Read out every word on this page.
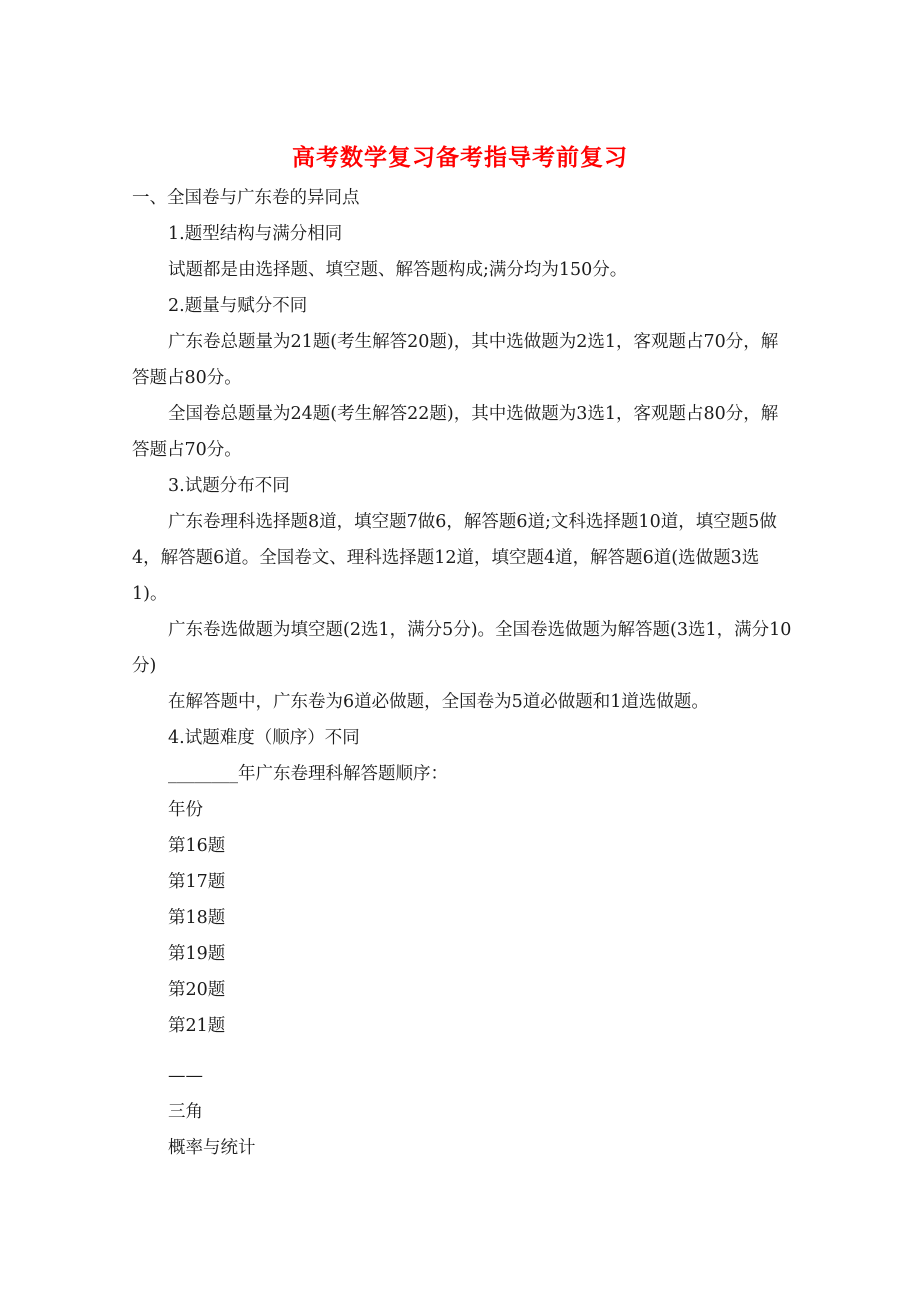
高考数学复习备考指导考前复习

一、全国卷与广东卷的异同点

1.题型结构与满分相同

试题都是由选择题、填空题、解答题构成;满分均为150分。

2.题量与赋分不同

广东卷总题量为21题(考生解答20题)，其中选做题为2选1，客观题占70分，解答题占80分。

全国卷总题量为24题(考生解答22题)，其中选做题为3选1，客观题占80分，解答题占70分。

3.试题分布不同

广东卷理科选择题8道，填空题7做6，解答题6道;文科选择题10道，填空题5做4，解答题6道。全国卷文、理科选择题12道，填空题4道，解答题6道(选做题3选1)。

广东卷选做题为填空题(2选1，满分5分)。全国卷选做题为解答题(3选1，满分10分)

在解答题中，广东卷为6道必做题，全国卷为5道必做题和1道选做题。

4.试题难度（顺序）不同

________年广东卷理科解答题顺序：

年份

第16题

第17题

第18题

第19题

第20题

第21题

——

三角

概率与统计
